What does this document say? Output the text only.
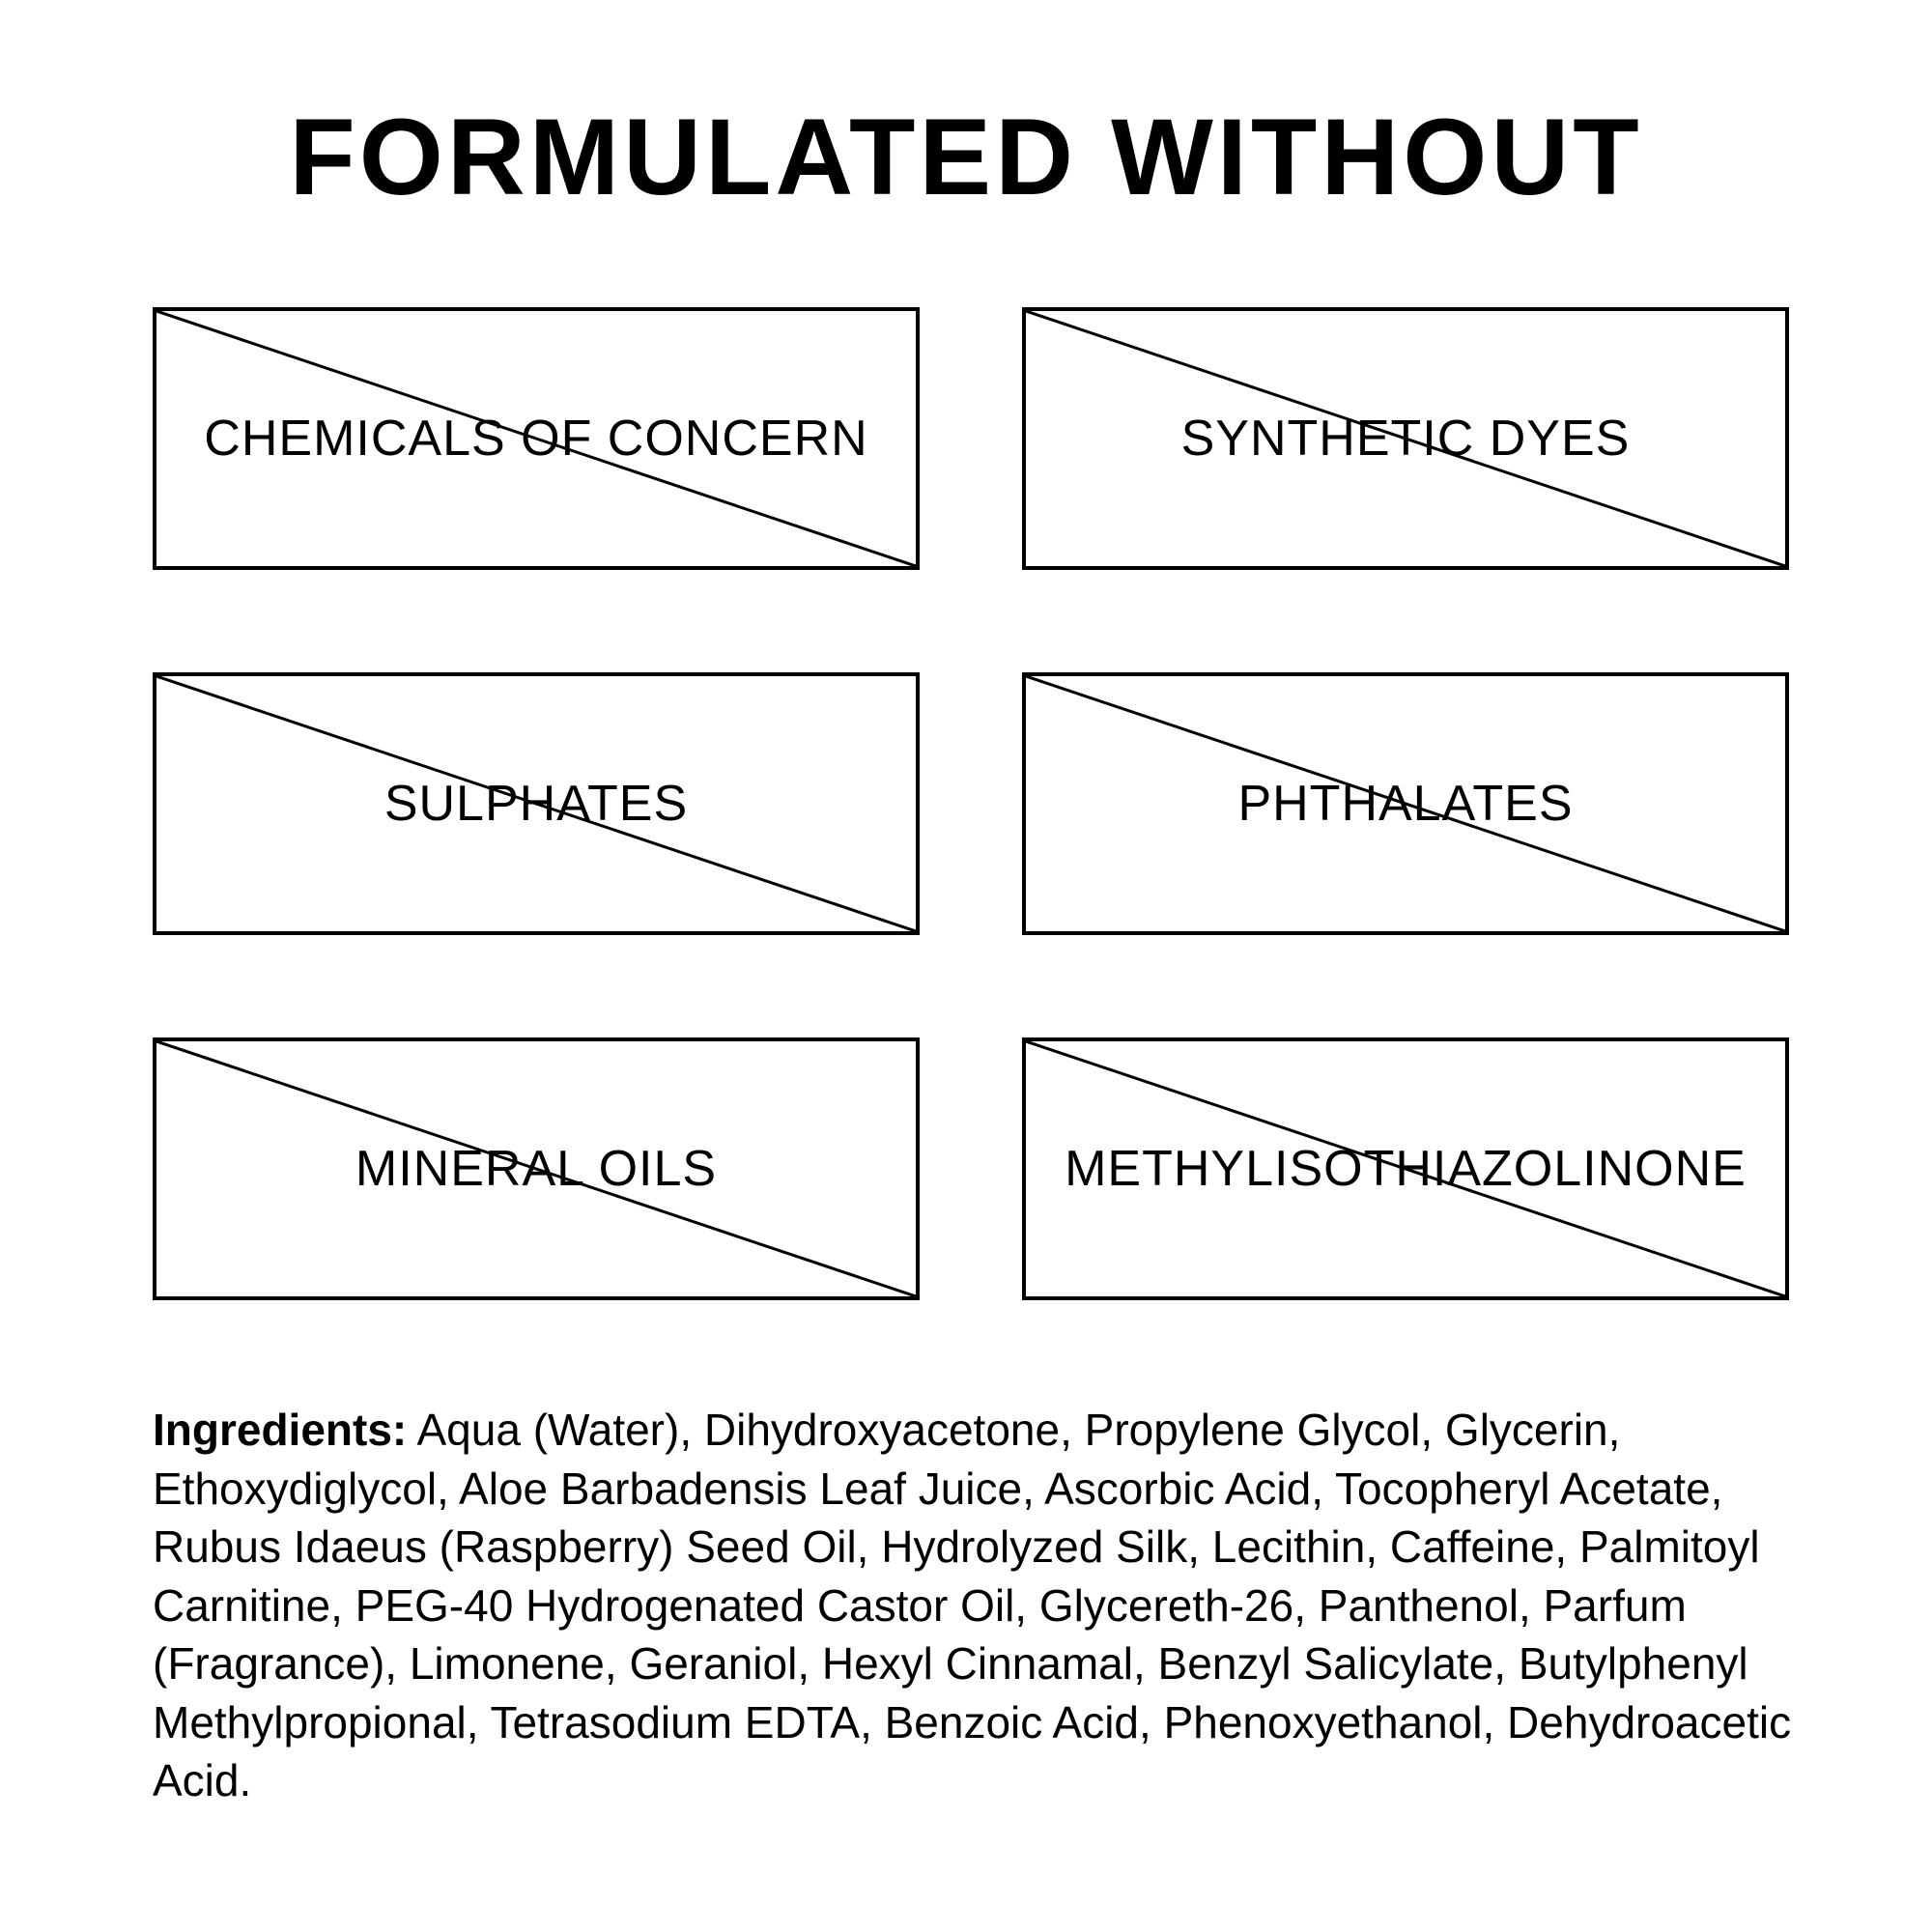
FORMULATED WITHOUT
CHEMICALS OF CONCERN	SYNTHETIC DYES
SULPHATES	PHTHALATES
MINERAL OILS	METHYLISOTHIAZOLINONE

Ingredients: Aqua (Water), Dihydroxyacetone, Propylene Glycol, Glycerin, Ethoxydiglycol, Aloe Barbadensis Leaf Juice, Ascorbic Acid, Tocopheryl Acetate, Rubus Idaeus (Raspberry) Seed Oil, Hydrolyzed Silk, Lecithin, Caffeine, Palmitoyl Carnitine, PEG-40 Hydrogenated Castor Oil, Glycereth-26, Panthenol, Parfum (Fragrance), Limonene, Geraniol, Hexyl Cinnamal, Benzyl Salicylate, Butylphenyl Methylpropional, Tetrasodium EDTA, Benzoic Acid, Phenoxyethanol, Dehydroacetic Acid.
